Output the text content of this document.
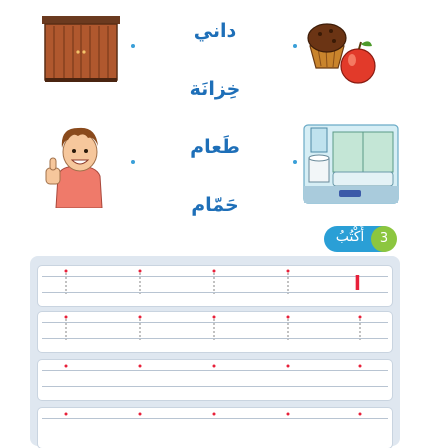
داني
خِزانَة
طَعام
حَمّام
أَكْتُبُ	3
ا
